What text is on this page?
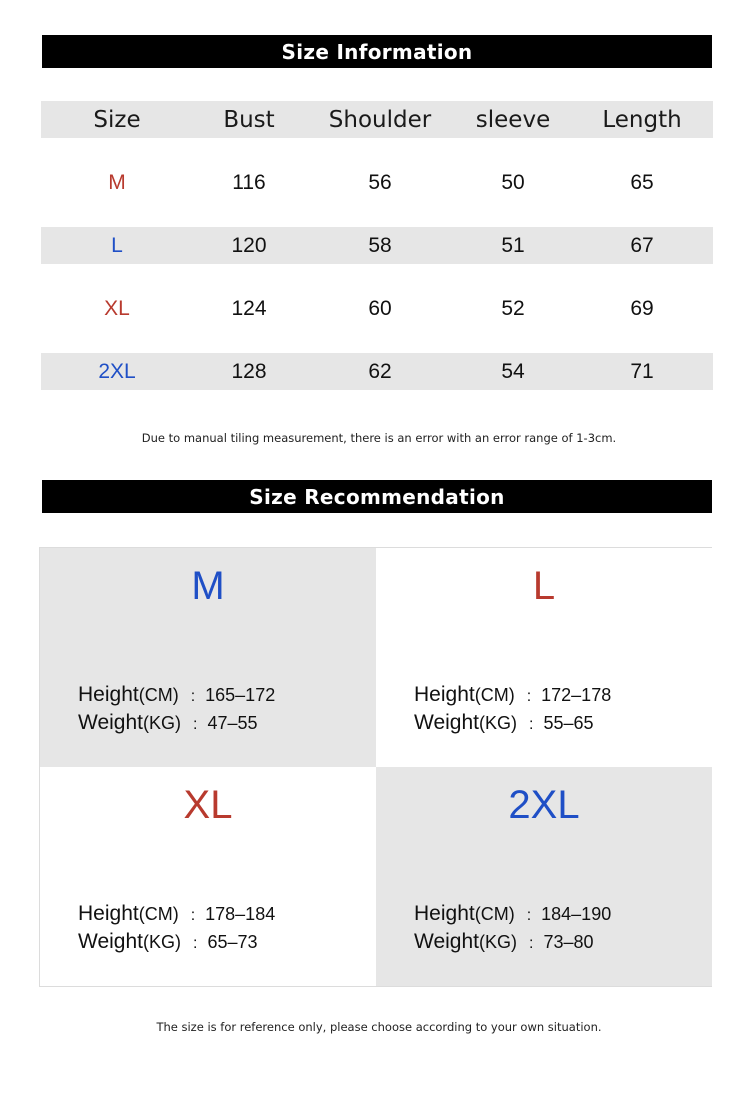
Size Information
Size	Bust	Shoulder	sleeve	Length
M	116	56	50	65
L	120	58	51	67
XL	124	60	52	69
2XL	128	62	54	71
Due to manual tiling measurement, there is an error with an error range of 1-3cm.
Size Recommendation
M
Height(CM) : 165–172
Weight(KG) : 47–55
L
Height(CM) : 172–178
Weight(KG) : 55–65
XL
Height(CM) : 178–184
Weight(KG) : 65–73
2XL
Height(CM) : 184–190
Weight(KG) : 73–80
The size is for reference only, please choose according to your own situation.
